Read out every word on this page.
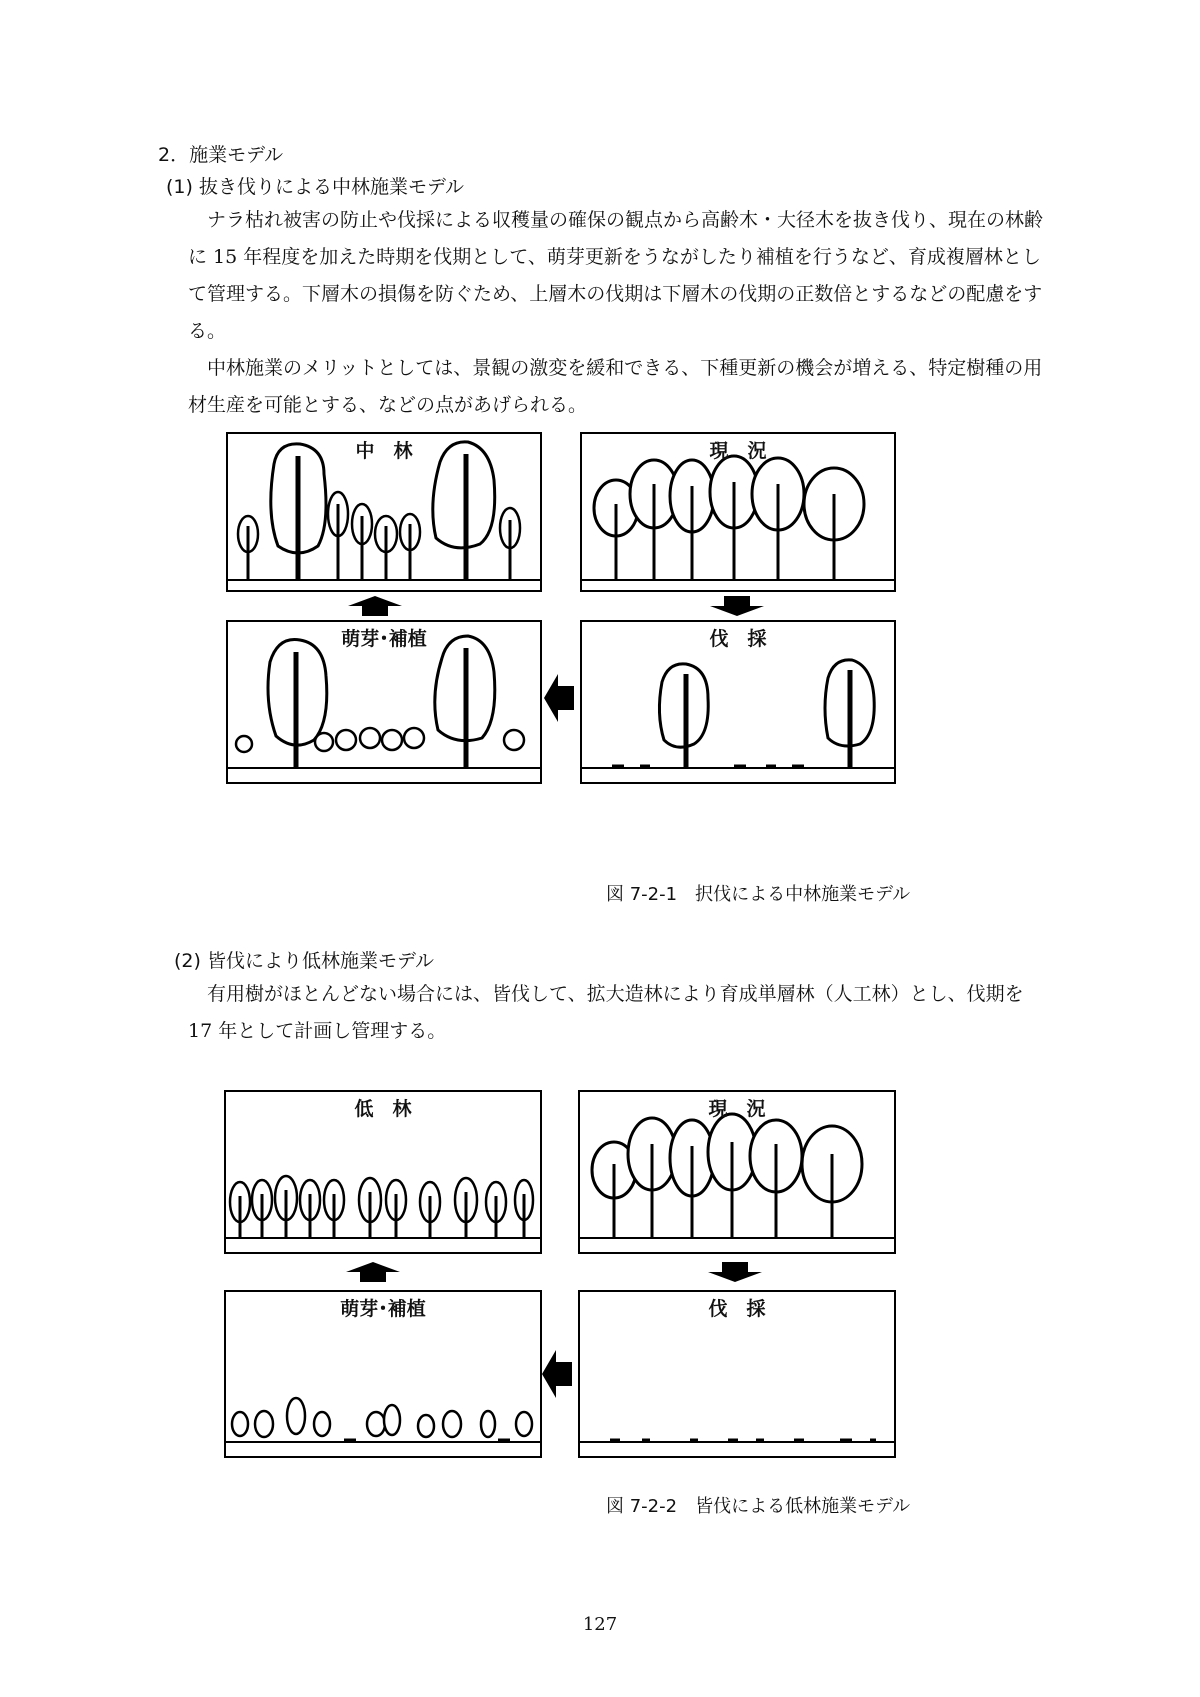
2．施業モデル
(1) 抜き伐りによる中林施業モデル

ナラ枯れ被害の防止や伐採による収穫量の確保の観点から高齢木・大径木を抜き伐り、現在の林齢に 15 年程度を加えた時期を伐期として、萌芽更新をうながしたり補植を行うなど、育成複層林として管理する。下層木の損傷を防ぐため、上層木の伐期は下層木の伐期の正数倍とするなどの配慮をする。

中林施業のメリットとしては、景観の激変を緩和できる、下種更新の機会が増える、特定樹種の用材生産を可能とする、などの点があげられる。

中　林	現　況
萌芽･補植	伐　採
図 7-2-1　択伐による中林施業モデル
(2) 皆伐により低林施業モデル

有用樹がほとんどない場合には、皆伐して、拡大造林により育成単層林（人工林）とし、伐期を 17 年として計画し管理する。

低　林	現　況
萌芽･補植	伐　採
図 7-2-2　皆伐による低林施業モデル
127
